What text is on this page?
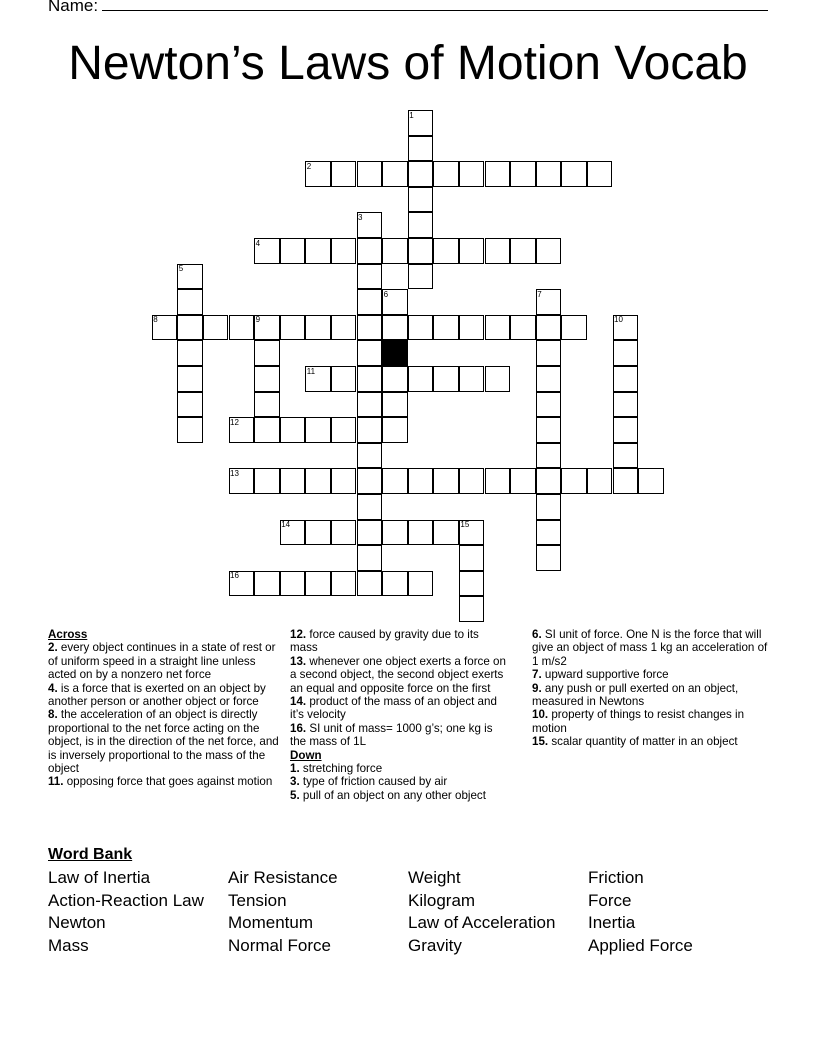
Name:
Newton’s Laws of Motion Vocab
1
2
3
4
5
6	7
8	9	10
11
12
13
14	15
16
Across
2. every object continues in a state of rest or of uniform speed in a straight line unless acted on by a nonzero net force
4. is a force that is exerted on an object by another person or another object or force
8. the acceleration of an object is directly proportional to the net force acting on the object, is in the direction of the net force, and is inversely proportional to the mass of the object
11. opposing force that goes against motion
12. force caused by gravity due to its mass
13. whenever one object exerts a force on a second object, the second object exerts an equal and opposite force on the first
14. product of the mass of an object and it’s velocity
16. SI unit of mass= 1000 g’s; one kg is the mass of 1L
Down
1. stretching force
3. type of friction caused by air
5. pull of an object on any other object
6. SI unit of force. One N is the force that will give an object of mass 1 kg an acceleration of 1 m/s2
7. upward supportive force
9. any push or pull exerted on an object, measured in Newtons
10. property of things to resist changes in motion
15. scalar quantity of matter in an object
Word Bank
Law of Inertia
Action-Reaction Law
Newton
Mass
Air Resistance
Tension
Momentum
Normal Force
Weight
Kilogram
Law of Acceleration
Gravity
Friction
Force
Inertia
Applied Force
